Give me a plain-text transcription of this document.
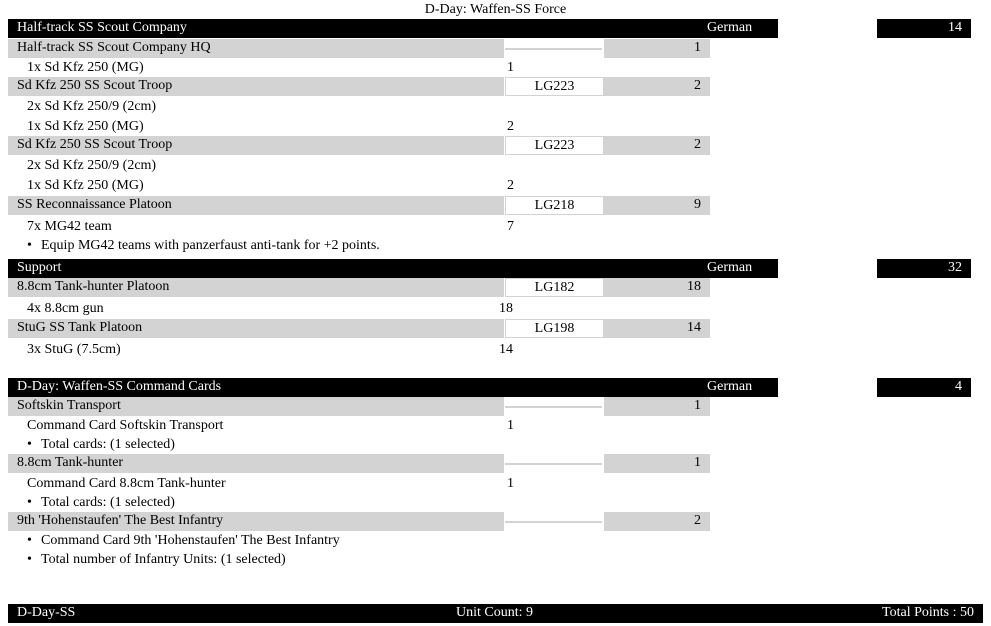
D-Day: Waffen-SS Force
Half-track SS Scout Company	German	14
Half-track SS Scout Company HQ	1
1x Sd Kfz 250 (MG)	1
Sd Kfz 250 SS Scout Troop	LG223	2
2x Sd Kfz 250/9 (2cm)
1x Sd Kfz 250 (MG)	2
Sd Kfz 250 SS Scout Troop	LG223	2
2x Sd Kfz 250/9 (2cm)
1x Sd Kfz 250 (MG)	2
SS Reconnaissance Platoon	LG218	9
7x MG42 team	7
• Equip MG42 teams with panzerfaust anti-tank for +2 points.
Support	German	32
8.8cm Tank-hunter Platoon	LG182	18
4x 8.8cm gun	18
StuG SS Tank Platoon	LG198	14
3x StuG (7.5cm)	14
D-Day: Waffen-SS Command Cards	German	4
Softskin Transport	1
Command Card Softskin Transport	1
• Total cards: (1 selected)
8.8cm Tank-hunter	1
Command Card 8.8cm Tank-hunter	1
• Total cards: (1 selected)
9th 'Hohenstaufen' The Best Infantry	2
• Command Card 9th 'Hohenstaufen' The Best Infantry
• Total number of Infantry Units: (1 selected)
D-Day-SS	Unit Count: 9	Total Points : 50
